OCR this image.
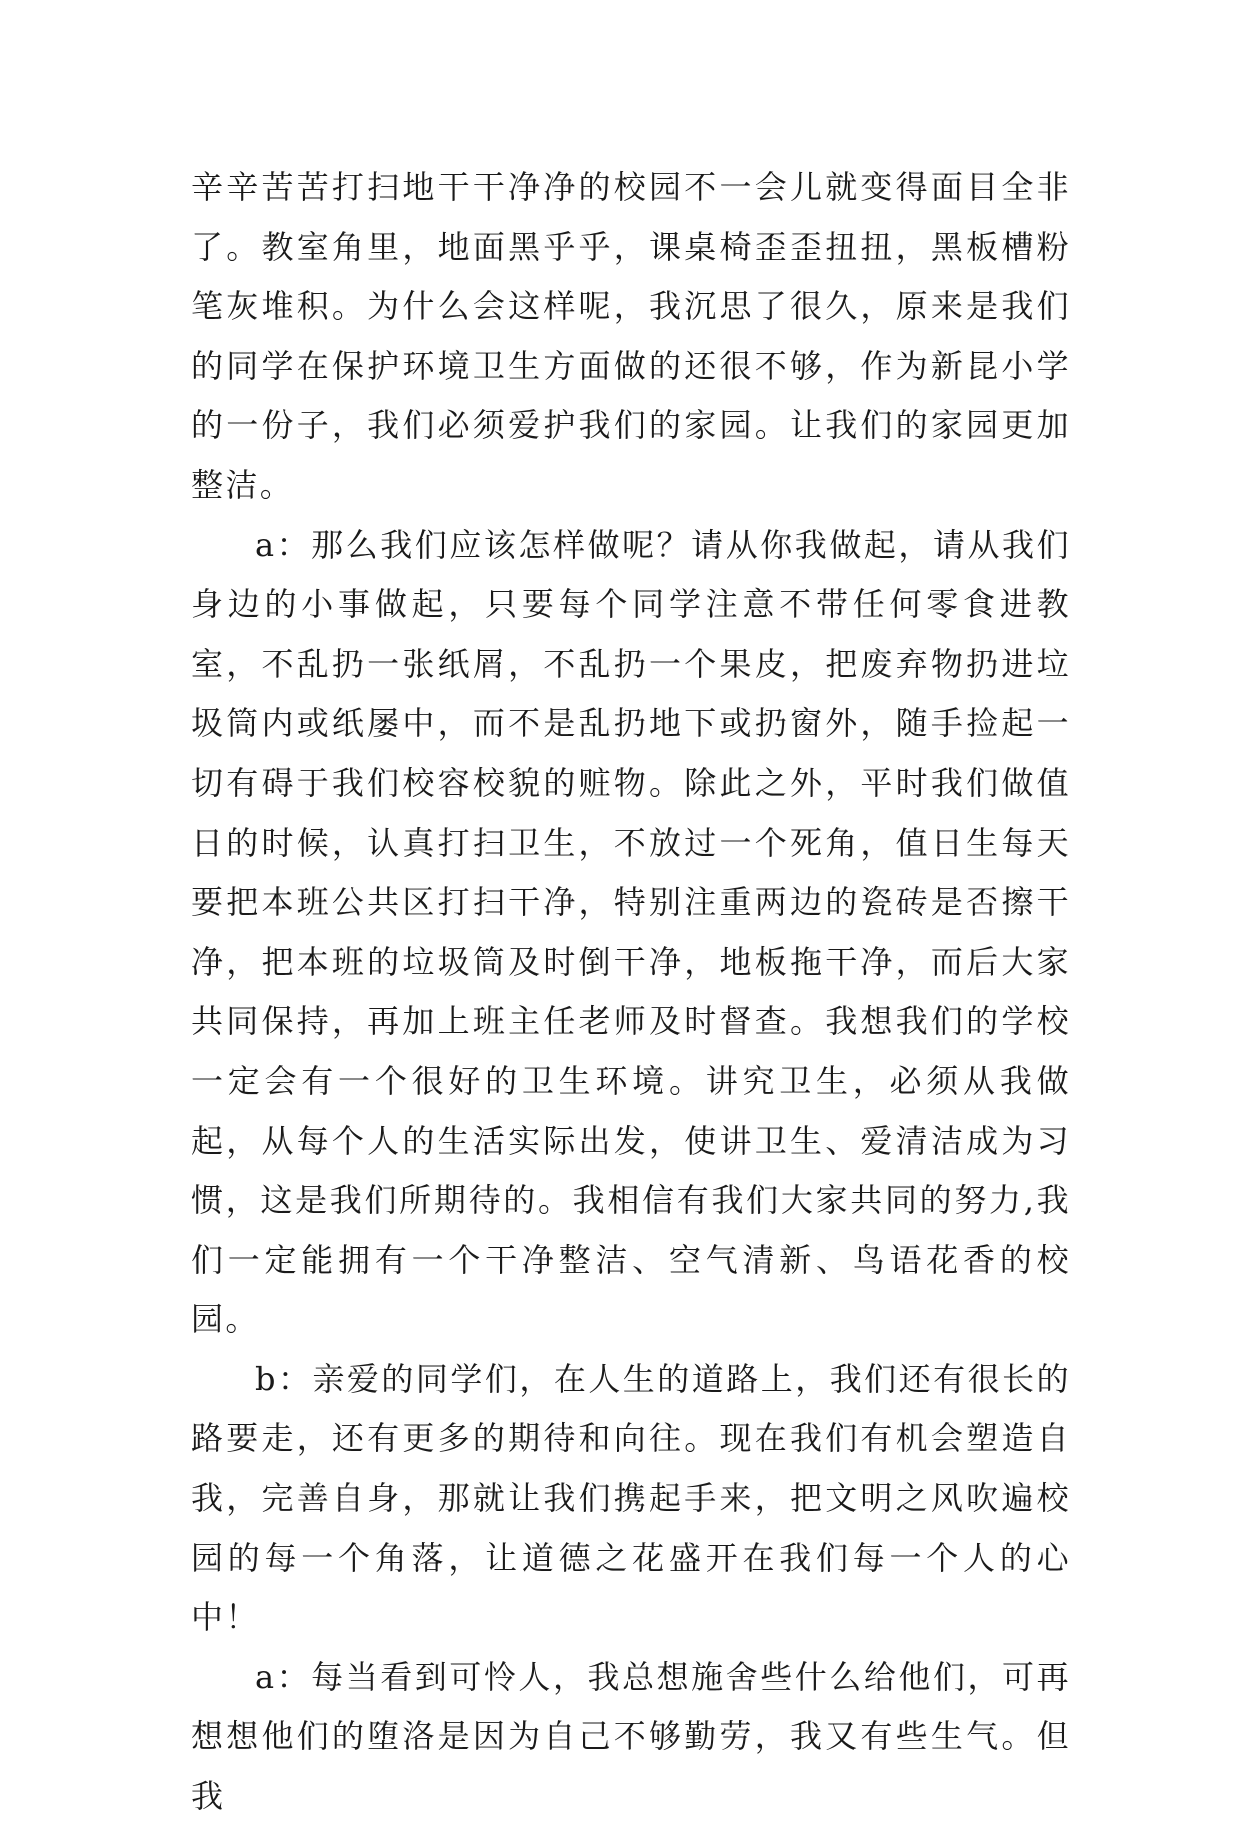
辛辛苦苦打扫地干干净净的校园不一会儿就变得面目全非了。教室角里，地面黑乎乎，课桌椅歪歪扭扭，黑板槽粉笔灰堆积。为什么会这样呢，我沉思了很久，原来是我们的同学在保护环境卫生方面做的还很不够，作为新昆小学的一份子，我们必须爱护我们的家园。让我们的家园更加整洁。

a：那么我们应该怎样做呢？请从你我做起，请从我们身边的小事做起，只要每个同学注意不带任何零食进教室，不乱扔一张纸屑，不乱扔一个果皮，把废弃物扔进垃圾筒内或纸屡中，而不是乱扔地下或扔窗外，随手捡起一切有碍于我们校容校貌的赃物。除此之外，平时我们做值日的时候，认真打扫卫生，不放过一个死角，值日生每天要把本班公共区打扫干净，特别注重两边的瓷砖是否擦干净，把本班的垃圾筒及时倒干净，地板拖干净，而后大家共同保持，再加上班主任老师及时督查。我想我们的学校一定会有一个很好的卫生环境。讲究卫生，必须从我做起，从每个人的生活实际出发，使讲卫生、爱清洁成为习惯，这是我们所期待的。我相信有我们大家共同的努力,我们一定能拥有一个干净整洁、空气清新、鸟语花香的校园。

b：亲爱的同学们，在人生的道路上，我们还有很长的路要走，还有更多的期待和向往。现在我们有机会塑造自我，完善自身，那就让我们携起手来，把文明之风吹遍校园的每一个角落，让道德之花盛开在我们每一个人的心中！

a：每当看到可怜人，我总想施舍些什么给他们，可再想想他们的堕洛是因为自己不够勤劳，我又有些生气。但我
